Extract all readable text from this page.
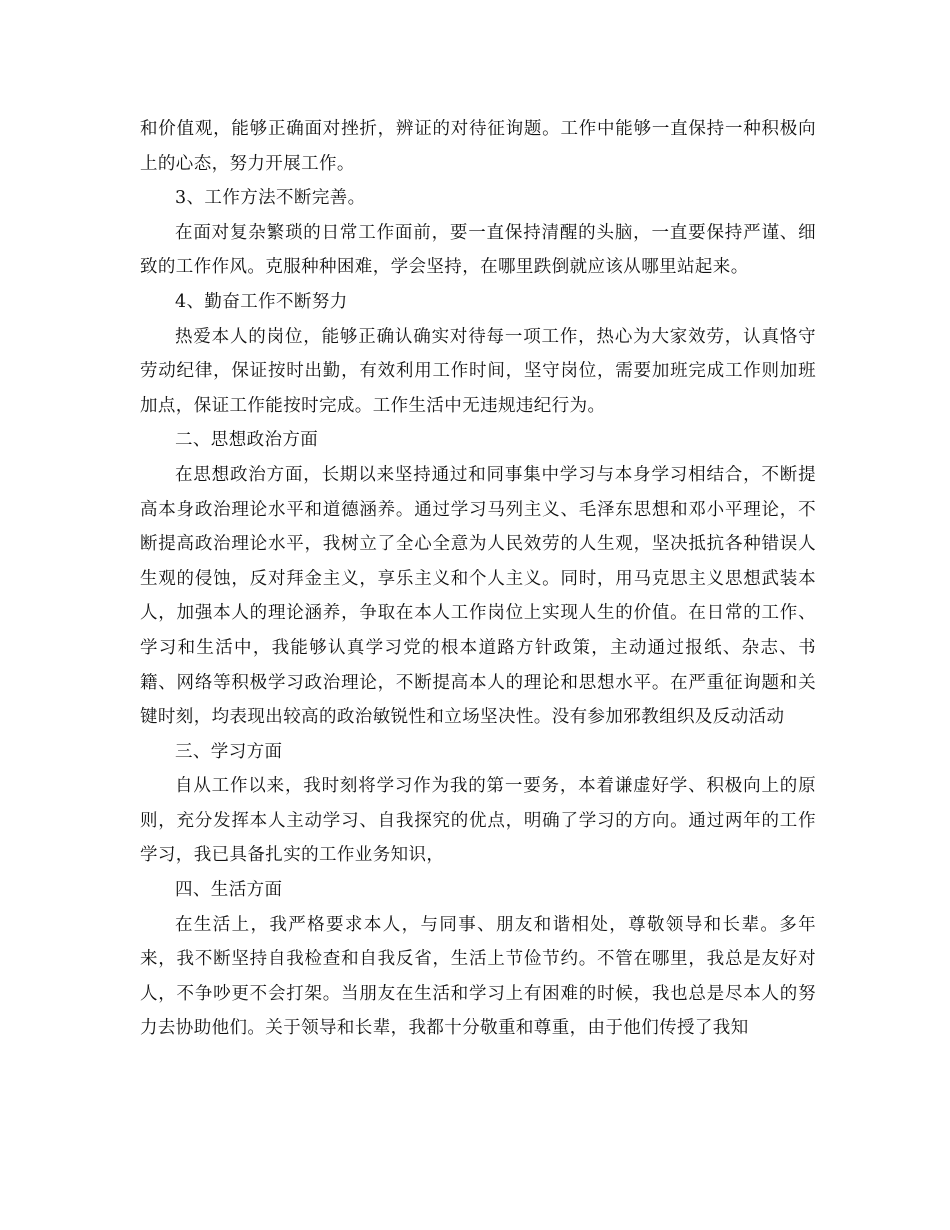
和价值观，能够正确面对挫折，辨证的对待征询题。工作中能够一直保持一种积极向上的心态，努力开展工作。

3、工作方法不断完善。

在面对复杂繁琐的日常工作面前，要一直保持清醒的头脑，一直要保持严谨、细致的工作作风。克服种种困难，学会坚持，在哪里跌倒就应该从哪里站起来。

4、勤奋工作不断努力

热爱本人的岗位，能够正确认确实对待每一项工作，热心为大家效劳，认真恪守劳动纪律，保证按时出勤，有效利用工作时间，坚守岗位，需要加班完成工作则加班加点，保证工作能按时完成。工作生活中无违规违纪行为。

二、思想政治方面

在思想政治方面，长期以来坚持通过和同事集中学习与本身学习相结合，不断提高本身政治理论水平和道德涵养。通过学习马列主义、毛泽东思想和邓小平理论，不断提高政治理论水平，我树立了全心全意为人民效劳的人生观，坚决抵抗各种错误人生观的侵蚀，反对拜金主义，享乐主义和个人主义。同时，用马克思主义思想武装本人，加强本人的理论涵养，争取在本人工作岗位上实现人生的价值。在日常的工作、学习和生活中，我能够认真学习党的根本道路方针政策，主动通过报纸、杂志、书籍、网络等积极学习政治理论，不断提高本人的理论和思想水平。在严重征询题和关键时刻，均表现出较高的政治敏锐性和立场坚决性。没有参加邪教组织及反动活动

三、学习方面

自从工作以来，我时刻将学习作为我的第一要务，本着谦虚好学、积极向上的原则，充分发挥本人主动学习、自我探究的优点，明确了学习的方向。通过两年的工作学习，我已具备扎实的工作业务知识，

四、生活方面

在生活上，我严格要求本人，与同事、朋友和谐相处，尊敬领导和长辈。多年来，我不断坚持自我检查和自我反省，生活上节俭节约。不管在哪里，我总是友好对人，不争吵更不会打架。当朋友在生活和学习上有困难的时候，我也总是尽本人的努力去协助他们。关于领导和长辈，我都十分敬重和尊重，由于他们传授了我知
